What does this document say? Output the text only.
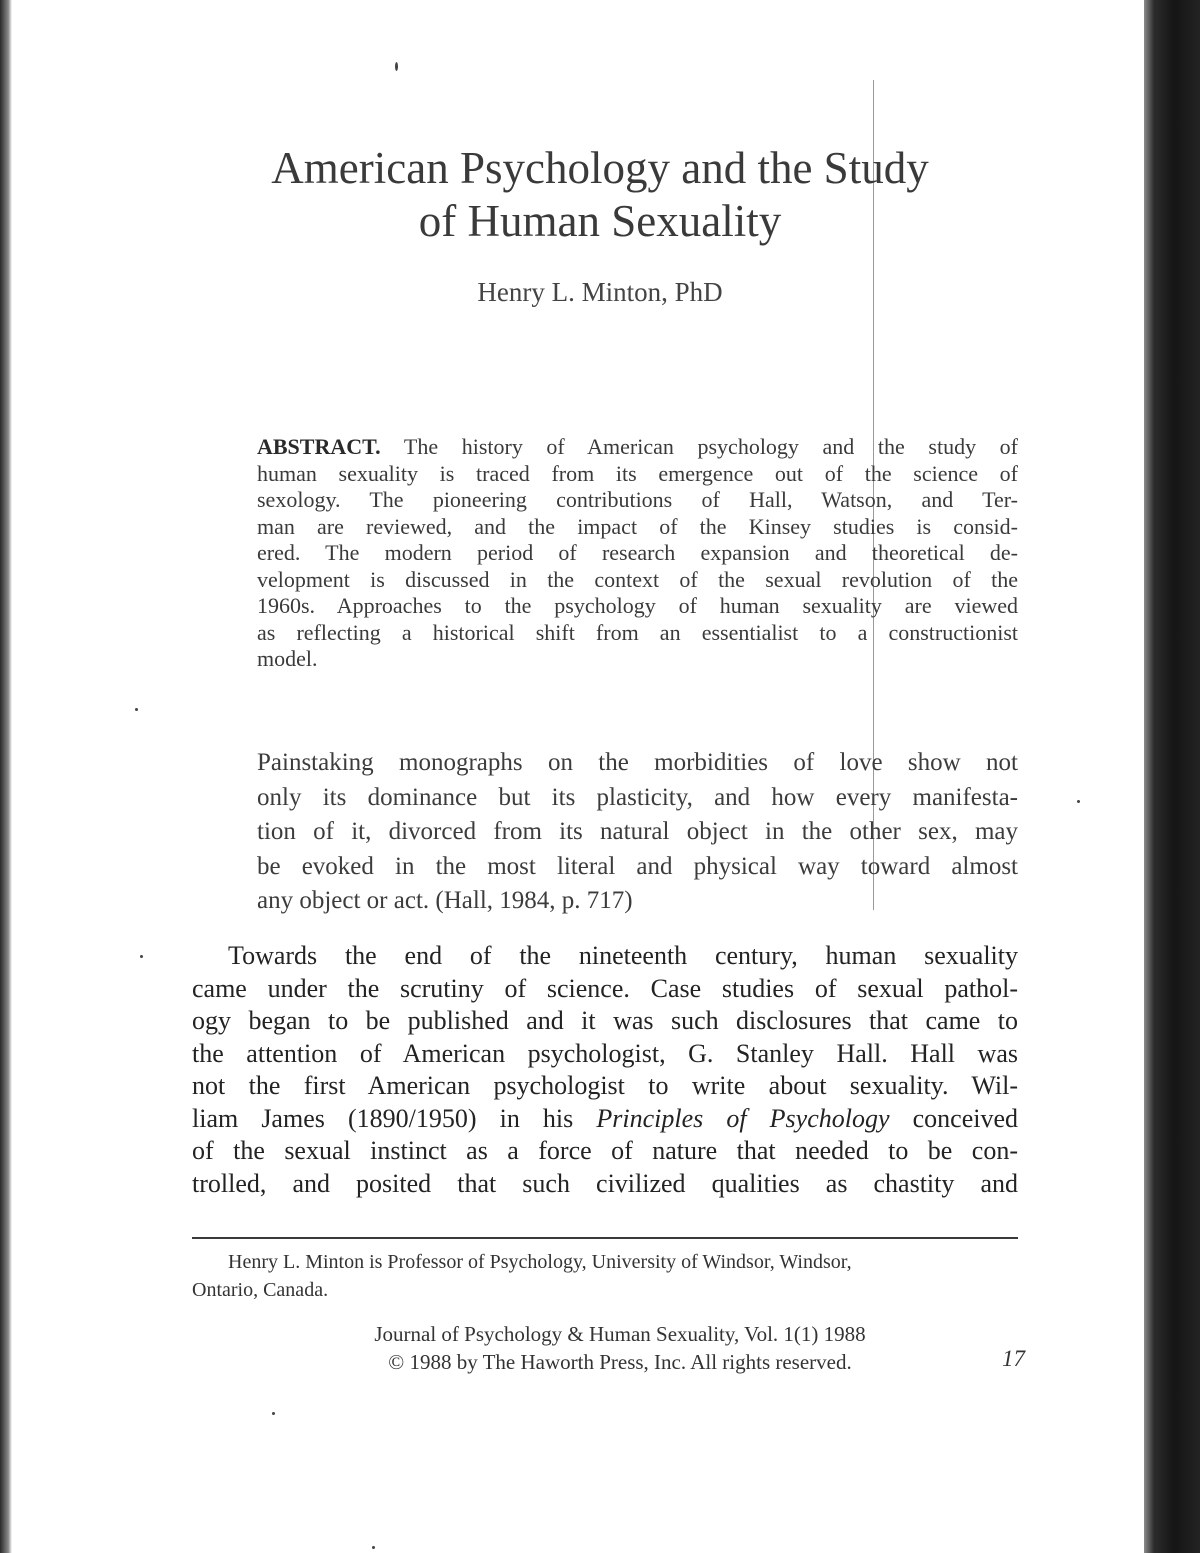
American Psychology and the Study
of Human Sexuality

Henry L. Minton, PhD

ABSTRACT. The history of American psychology and the study of
human sexuality is traced from its emergence out of the science of
sexology. The pioneering contributions of Hall, Watson, and Ter-
man are reviewed, and the impact of the Kinsey studies is consid-
ered. The modern period of research expansion and theoretical de-
velopment is discussed in the context of the sexual revolution of the
1960s. Approaches to the psychology of human sexuality are viewed
as reflecting a historical shift from an essentialist to a constructionist
model.
Painstaking monographs on the morbidities of love show not
only its dominance but its plasticity, and how every manifesta-
tion of it, divorced from its natural object in the other sex, may
be evoked in the most literal and physical way toward almost
any object or act. (Hall, 1984, p. 717)
Towards the end of the nineteenth century, human sexuality
came under the scrutiny of science. Case studies of sexual pathol-
ogy began to be published and it was such disclosures that came to
the attention of American psychologist, G. Stanley Hall. Hall was
not the first American psychologist to write about sexuality. Wil-
liam James (1890/1950) in his Principles of Psychology conceived
of the sexual instinct as a force of nature that needed to be con-
trolled, and posited that such civilized qualities as chastity and
Henry L. Minton is Professor of Psychology, University of Windsor, Windsor,
Ontario, Canada.
Journal of Psychology & Human Sexuality, Vol. 1(1) 1988
© 1988 by The Haworth Press, Inc. All rights reserved.	17
